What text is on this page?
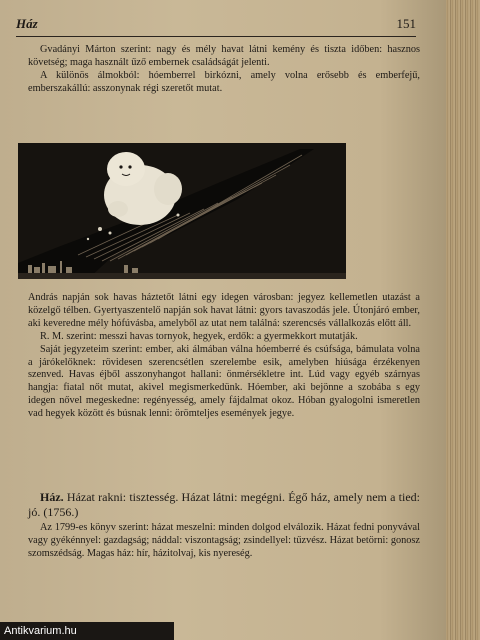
Ház	151

Gvadányi Márton szerint: nagy és mély havat látni kemény és tiszta időben: hasznos követség; maga használt űző embernek családságát jelenti.

A különös álmokból: hóemberrel birkózni, amely volna erősebb és emberfejű, emberszakállú: asszonynak régi szeretőt mutat.

András napján sok havas háztetőt látni egy idegen városban: jegyez kellemetlen utazást a közelgő télben. Gyertyaszentelő napján sok havat látni: gyors tavaszodás jele. Útonjáró ember, aki keveredne mély hófúvásba, amelyből az utat nem találná: szerencsés vállalkozás előtt áll.

R. M. szerint: messzi havas tornyok, hegyek, erdők: a gyermekkort mutatják.

Saját jegyzeteim szerint: ember, aki álmában válna hóemberré és csúfsága, bámulata volna a járókelőknek: rövidesen szerencsétlen szerelembe esik, amelyben hiúsága érzékenyen szenved. Havas éjből asszonyhangot hallani: önmérsékletre int. Lúd vagy egyéb szárnyas hangja: fiatal nőt mutat, akivel megismerkedünk. Hóember, aki bejönne a szobába s egy idegen nővel megeskedne: regényesség, amely fájdalmat okoz. Hóban gyalogolni ismeretlen vad hegyek között és búsnak lenni: örömteljes események jegye.

Ház. Házat rakni: tisztesség. Házat látni: megégni. Égő ház, amely nem a tied: jó. (1756.)

Az 1799-es könyv szerint: házat meszelni: minden dolgod elválozik. Házat fedni ponyvával vagy gyékénnyel: gazdagság; náddal: viszontagság; zsindellyel: tűzvész. Házat betörni: gonosz szomszédság. Magas ház: hír, házitolvaj, kis nyereség.

Antikvarium.hu
